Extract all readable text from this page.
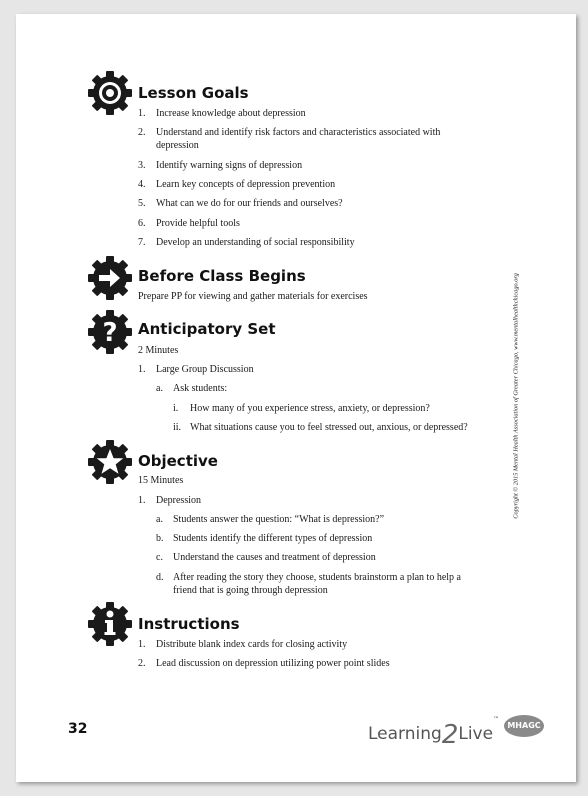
Lesson Goals
1. Increase knowledge about depression
2. Understand and identify risk factors and characteristics associated with
depression
3. Identify warning signs of depression
4. Learn key concepts of depression prevention
5. What can we do for our friends and ourselves?
6. Provide helpful tools
7. Develop an understanding of social responsibility
Before Class Begins
Prepare PP for viewing and gather materials for exercises
? Anticipatory Set
2 Minutes
1. Large Group Discussion
a. Ask students:
i. How many of you experience stress, anxiety, or depression?
ii. What situations cause you to feel stressed out, anxious, or depressed?
Objective
15 Minutes
1. Depression
a. Students answer the question: “What is depression?”
b. Students identify the different types of depression
c. Understand the causes and treatment of depression
d. After reading the story they choose, students brainstorm a plan to help a
friend that is going through depression
Instructions
1. Distribute blank index cards for closing activity
2. Lead discussion on depression utilizing power point slides
Copyright © 2015 Mental Health Association of Greater Chicago, www.mentalhealthchicago.org
32	Learning2Live™
MHAGC
